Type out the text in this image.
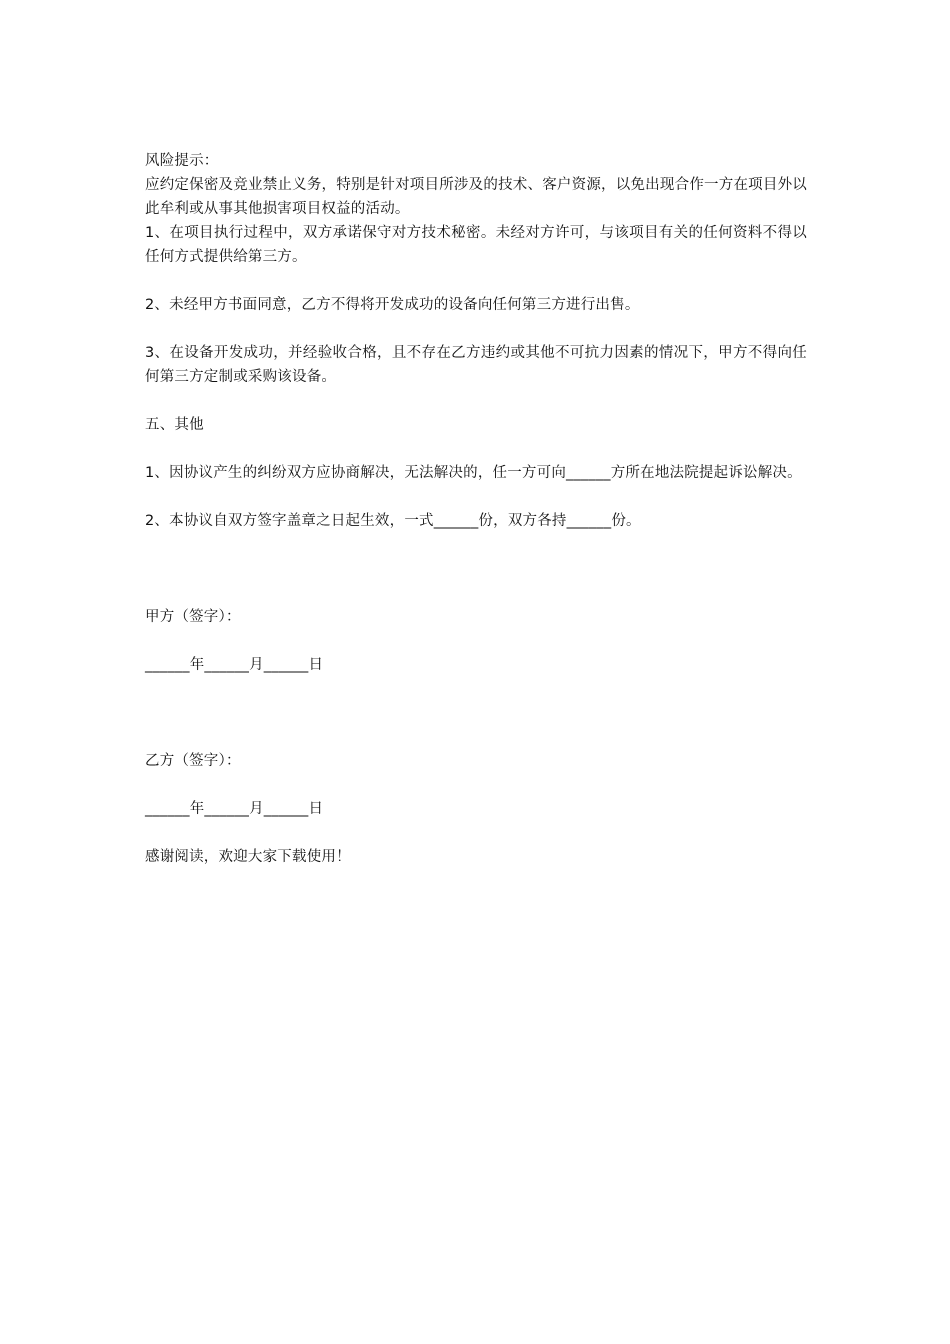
风险提示：

应约定保密及竞业禁止义务，特别是针对项目所涉及的技术、客户资源，以免出现合作一方在项目外以此牟利或从事其他损害项目权益的活动。

1、在项目执行过程中，双方承诺保守对方技术秘密。未经对方许可，与该项目有关的任何资料不得以任何方式提供给第三方。

2、未经甲方书面同意，乙方不得将开发成功的设备向任何第三方进行出售。

3、在设备开发成功，并经验收合格，且不存在乙方违约或其他不可抗力因素的情况下，甲方不得向任何第三方定制或采购该设备。

五、其他

1、因协议产生的纠纷双方应协商解决，无法解决的，任一方可向______方所在地法院提起诉讼解决。

2、本协议自双方签字盖章之日起生效，一式______份，双方各持______份。

甲方（签字）：

______年______月______日

乙方（签字）：

______年______月______日

感谢阅读，欢迎大家下载使用！
